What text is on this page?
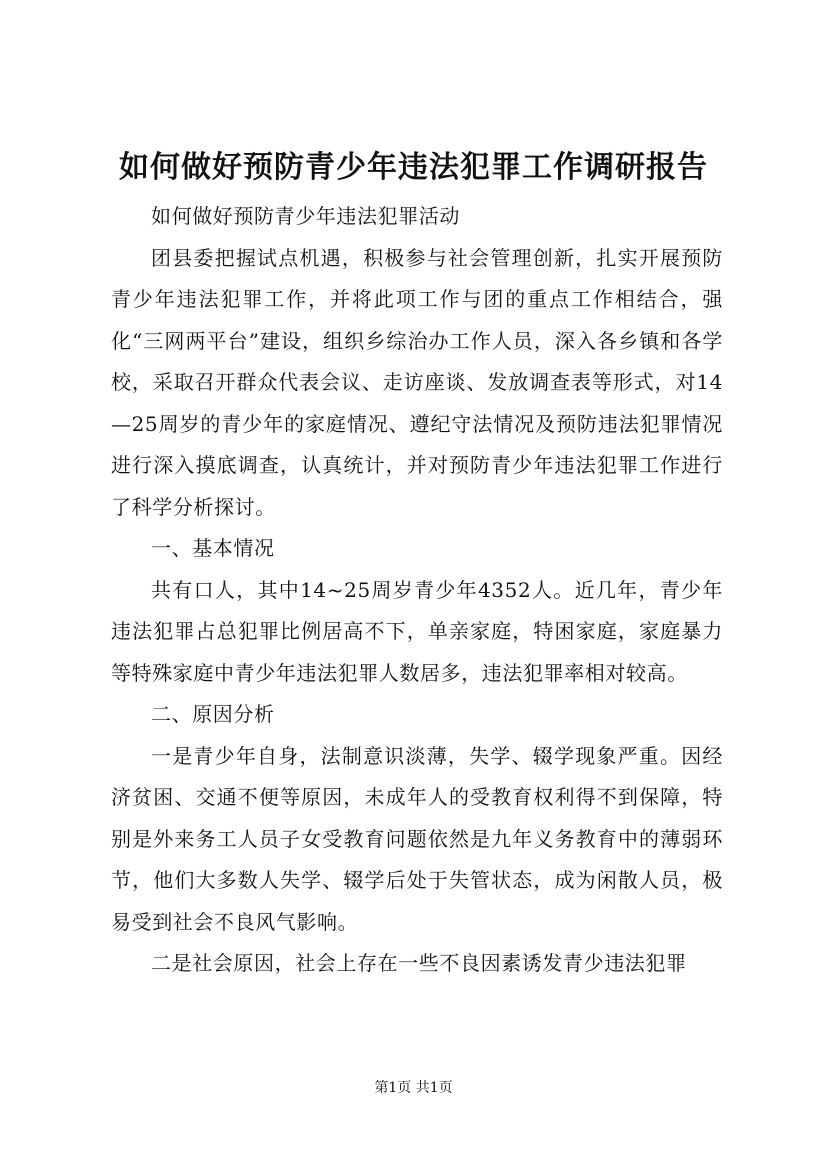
如何做好预防青少年违法犯罪工作调研报告

如何做好预防青少年违法犯罪活动

团县委把握试点机遇，积极参与社会管理创新，扎实开展预防青少年违法犯罪工作，并将此项工作与团的重点工作相结合，强化“三网两平台”建设，组织乡综治办工作人员，深入各乡镇和各学校，采取召开群众代表会议、走访座谈、发放调查表等形式，对14—25周岁的青少年的家庭情况、遵纪守法情况及预防违法犯罪情况进行深入摸底调查，认真统计，并对预防青少年违法犯罪工作进行了科学分析探讨。

一、基本情况

共有口人，其中14~25周岁青少年4352人。近几年，青少年违法犯罪占总犯罪比例居高不下，单亲家庭，特困家庭，家庭暴力等特殊家庭中青少年违法犯罪人数居多，违法犯罪率相对较高。

二、原因分析

一是青少年自身，法制意识淡薄，失学、辍学现象严重。因经济贫困、交通不便等原因，未成年人的受教育权利得不到保障，特别是外来务工人员子女受教育问题依然是九年义务教育中的薄弱环节，他们大多数人失学、辍学后处于失管状态，成为闲散人员，极易受到社会不良风气影响。

二是社会原因，社会上存在一些不良因素诱发青少违法犯罪

第1页 共1页
